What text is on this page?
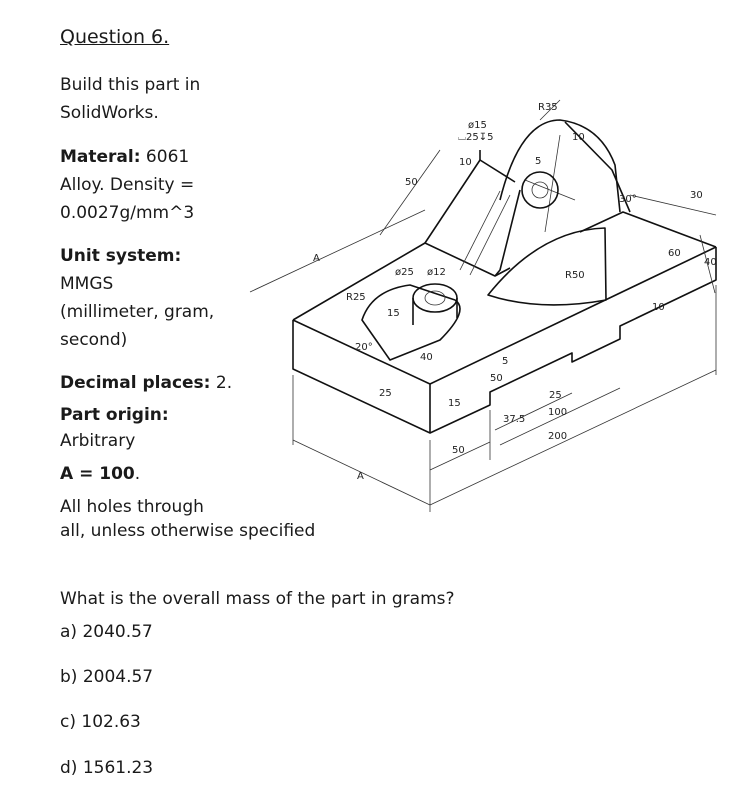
Question 6.
Build this part in
SolidWorks.
Materal: 6061
Alloy. Density =
0.0027g/mm^3
Unit system:
MMGS
(millimeter, gram,
second)
Decimal places: 2.
Part origin:
Arbitrary
A = 100.
All holes through
all, unless otherwise specified
What is the overall mass of the part in grams?
a) 2040.57
b) 2004.57
c) 102.63
d) 1561.23
R35
ø15
⌴25↧5
10
10
5
50
30°	30
60
40
R50
10
A
A
ø25 ø12
R25
15
20°
40	5
50
25
15
37.5
25
100
200
50
